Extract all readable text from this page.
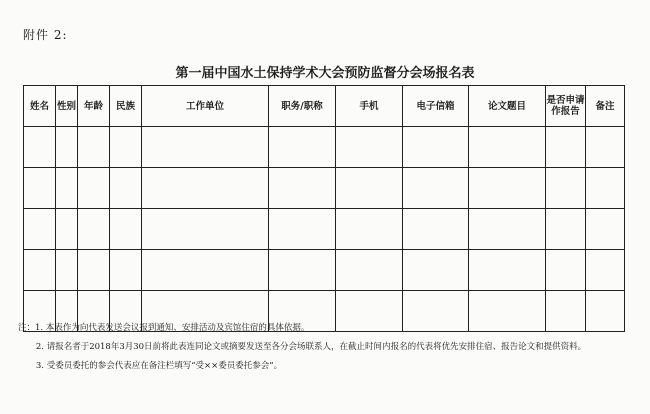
附件 2:
第一届中国水土保持学术大会预防监督分会场报名表
姓名	性别	年龄	民族	工作单位	职务/职称	手机	电子信箱	论文题目	是否申请作报告	备注

注：1. 本表作为向代表发送会议报到通知、安排活动及宾馆住宿的具体依据。
2. 请报名者于2018年3月30日前将此表连同论文或摘要发送至各分会场联系人，在截止时间内报名的代表将优先安排住宿、报告论文和提供资料。
3. 受委员委托的参会代表应在备注栏填写“受××委员委托参会”。
